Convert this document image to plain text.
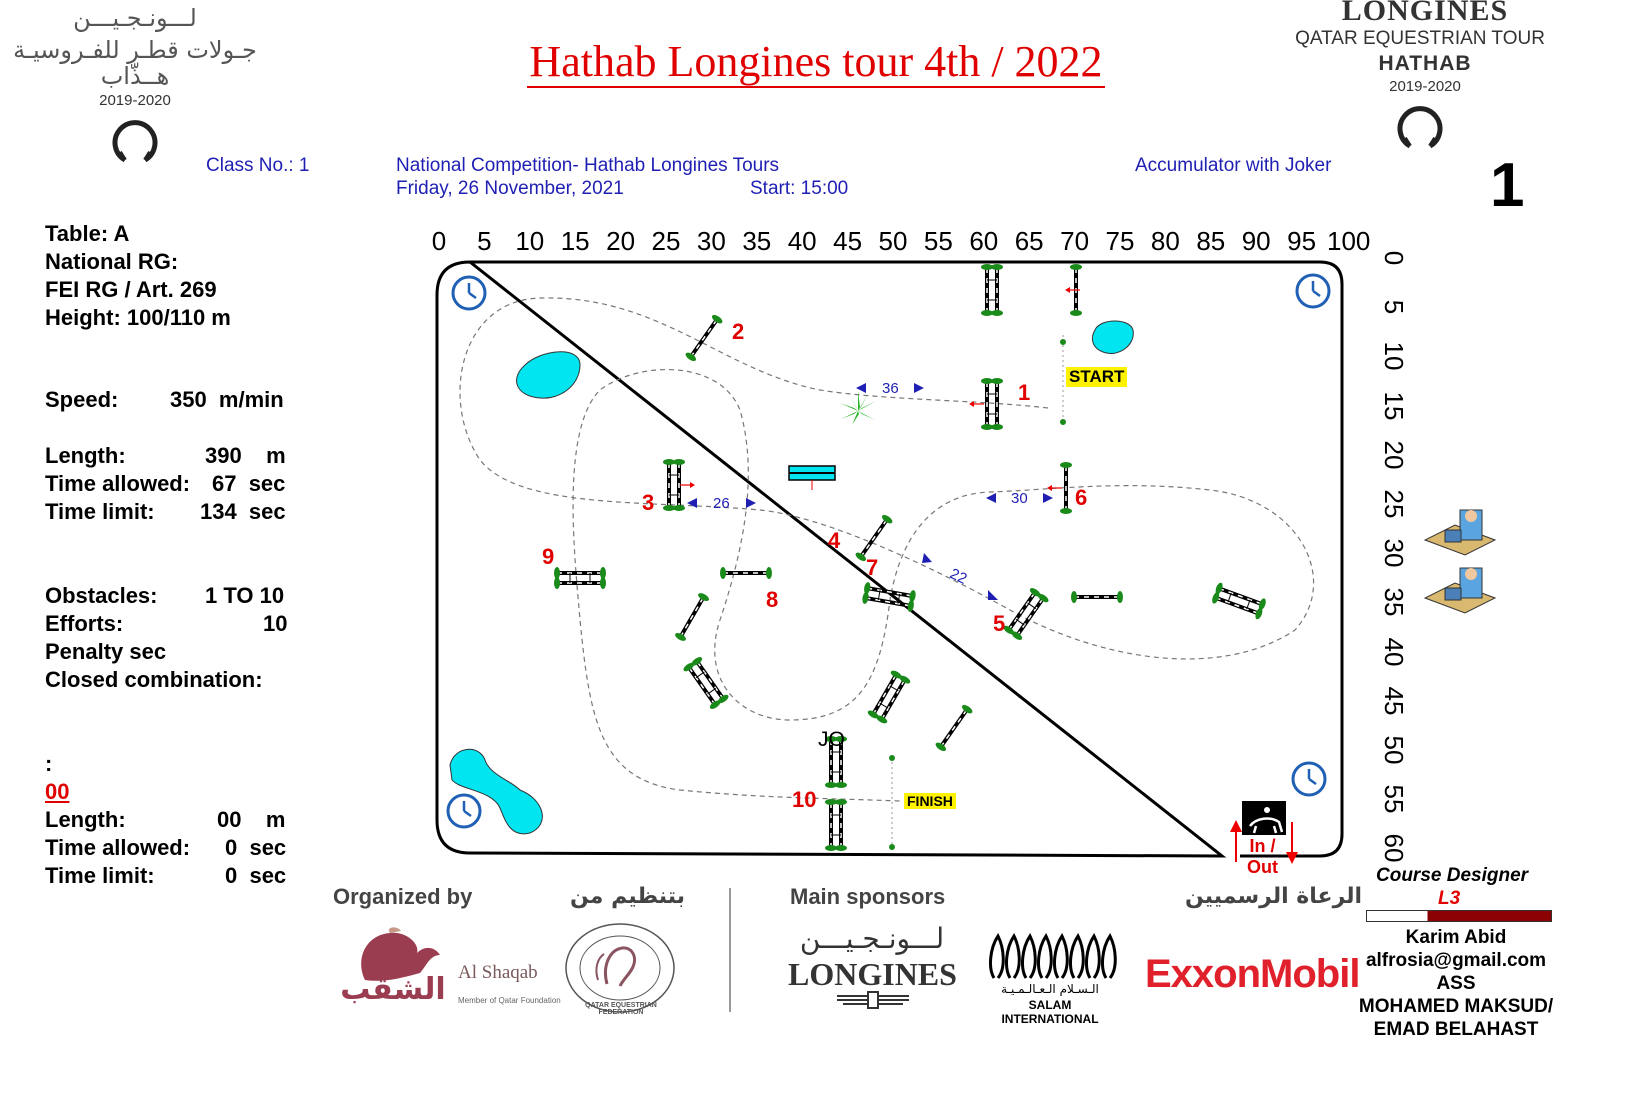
Hathab Longines tour 4th / 2022
لـــونـجـيـــن
جـولات قطـر للفـروسيـة
هــذّاب
2019-2020
LONGINES
QATAR EQUESTRIAN TOUR
HATHAB
2019-2020
Class No.: 1	National Competition- Hathab Longines Tours
Friday, 26 November, 2021	Start: 15:00
Accumulator with Joker	1
Table: A
National RG:
FEI RG / Art. 269
Height: 100/110 m
Speed:	350  m/min
Length:	390    m
Time allowed: 67  sec
Time limit:	134  sec
Obstacles:	1 TO 10
Efforts:	10
Penalty sec
Closed combination:
:
00
Length:	00    m
Time allowed:	0  sec
Time limit:	0  sec
0	5 10 15 20 25 30 35 40 45 50 55 60 65 70 75 80 85 90 95 100
0
5
10
15
20
25
30
35
40
45
50
55
60
START
FINISH
JO
In /
Out
36
26	30
22
1
2
3
4
5
6
7
8
9
10
Organized by	بتنظيم من	Main sponsors	الرعاة الرسميين
الشقب Al Shaqab
Member of Qatar Foundation
QATAR EQUESTRIAN FEDERATION
لـــونـجـيـــن
LONGINES	الـسـلام الـعـالـمـيـة
SALAM INTERNATIONAL
ExxonMobil
Course Designer
L3
Karim Abid
alfrosia@gmail.com
ASS
MOHAMED MAKSUD/
EMAD BELAHAST
